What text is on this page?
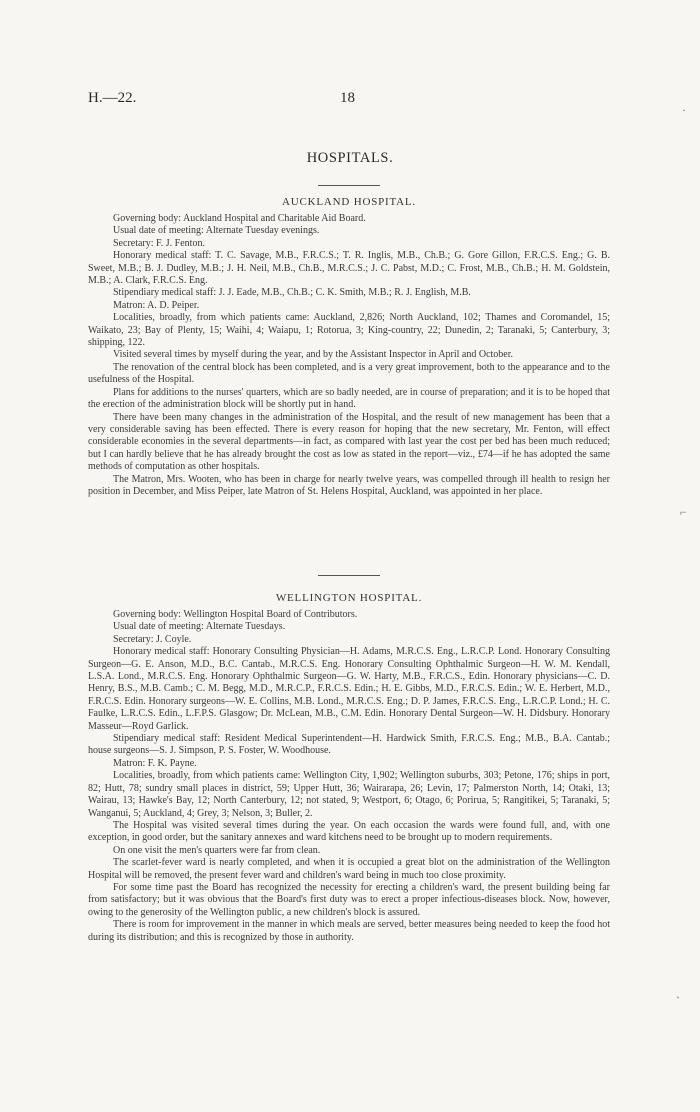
H.—22.	18
HOSPITALS.
AUCKLAND HOSPITAL.

Governing body: Auckland Hospital and Charitable Aid Board.

Usual date of meeting: Alternate Tuesday evenings.

Secretary: F. J. Fenton.

Honorary medical staff: T. C. Savage, M.B., F.R.C.S.; T. R. Inglis, M.B., Ch.B.; G. Gore Gillon, F.R.C.S. Eng.; G. B. Sweet, M.B.; B. J. Dudley, M.B.; J. H. Neil, M.B., Ch.B., M.R.C.S.; J. C. Pabst, M.D.; C. Frost, M.B., Ch.B.; H. M. Goldstein, M.B.; A. Clark, F.R.C.S. Eng.

Stipendiary medical staff: J. J. Eade, M.B., Ch.B.; C. K. Smith, M.B.; R. J. English, M.B.

Matron: A. D. Peiper.

Localities, broadly, from which patients came: Auckland, 2,826; North Auckland, 102; Thames and Coromandel, 15; Waikato, 23; Bay of Plenty, 15; Waihi, 4; Waiapu, 1; Rotorua, 3; King-country, 22; Dunedin, 2; Taranaki, 5; Canterbury, 3; shipping, 122.

Visited several times by myself during the year, and by the Assistant Inspector in April and October.

The renovation of the central block has been completed, and is a very great improvement, both to the appearance and to the usefulness of the Hospital.

Plans for additions to the nurses' quarters, which are so badly needed, are in course of preparation; and it is to be hoped that the erection of the administration block will be shortly put in hand.

There have been many changes in the administration of the Hospital, and the result of new management has been that a very considerable saving has been effected. There is every reason for hoping that the new secretary, Mr. Fenton, will effect considerable economies in the several departments—in fact, as compared with last year the cost per bed has been much reduced; but I can hardly believe that he has already brought the cost as low as stated in the report—viz., £74—if he has adopted the same methods of computation as other hospitals.

The Matron, Mrs. Wooten, who has been in charge for nearly twelve years, was compelled through ill health to resign her position in December, and Miss Peiper, late Matron of St. Helens Hospital, Auckland, was appointed in her place.

WELLINGTON HOSPITAL.

Governing body: Wellington Hospital Board of Contributors.

Usual date of meeting: Alternate Tuesdays.

Secretary: J. Coyle.

Honorary medical staff: Honorary Consulting Physician—H. Adams, M.R.C.S. Eng., L.R.C.P. Lond. Honorary Consulting Surgeon—G. E. Anson, M.D., B.C. Cantab., M.R.C.S. Eng. Honorary Consulting Ophthalmic Surgeon—H. W. M. Kendall, L.S.A. Lond., M.R.C.S. Eng. Honorary Ophthalmic Surgeon—G. W. Harty, M.B., F.R.C.S., Edin. Honorary physicians—C. D. Henry, B.S., M.B. Camb.; C. M. Begg, M.D., M.R.C.P., F.R.C.S. Edin.; H. E. Gibbs, M.D., F.R.C.S. Edin.; W. E. Herbert, M.D., F.R.C.S. Edin. Honorary surgeons—W. E. Collins, M.B. Lond., M.R.C.S. Eng.; D. P. James, F.R.C.S. Eng., L.R.C.P. Lond.; H. C. Faulke, L.R.C.S. Edin., L.F.P.S. Glasgow; Dr. McLean, M.B., C.M. Edin. Honorary Dental Surgeon—W. H. Didsbury. Honorary Masseur—Royd Garlick.

Stipendiary medical staff: Resident Medical Superintendent—H. Hardwick Smith, F.R.C.S. Eng.; M.B., B.A. Cantab.; house surgeons—S. J. Simpson, P. S. Foster, W. Woodhouse.

Matron: F. K. Payne.

Localities, broadly, from which patients came: Wellington City, 1,902; Wellington suburbs, 303; Petone, 176; ships in port, 82; Hutt, 78; sundry small places in district, 59; Upper Hutt, 36; Wairarapa, 26; Levin, 17; Palmerston North, 14; Otaki, 13; Wairau, 13; Hawke's Bay, 12; North Canterbury, 12; not stated, 9; Westport, 6; Otago, 6; Porirua, 5; Rangitikei, 5; Taranaki, 5; Wanganui, 5; Auckland, 4; Grey, 3; Nelson, 3; Buller, 2.

The Hospital was visited several times during the year. On each occasion the wards were found full, and, with one exception, in good order, but the sanitary annexes and ward kitchens need to be brought up to modern requirements.

On one visit the men's quarters were far from clean.

The scarlet-fever ward is nearly completed, and when it is occupied a great blot on the administration of the Wellington Hospital will be removed, the present fever ward and children's ward being in much too close proximity.

For some time past the Board has recognized the necessity for erecting a children's ward, the present building being far from satisfactory; but it was obvious that the Board's first duty was to erect a proper infectious-diseases block. Now, however, owing to the generosity of the Wellington public, a new children's block is assured.

There is room for improvement in the manner in which meals are served, better measures being needed to keep the food hot during its distribution; and this is recognized by those in authority.

·
⌐
ˎ
